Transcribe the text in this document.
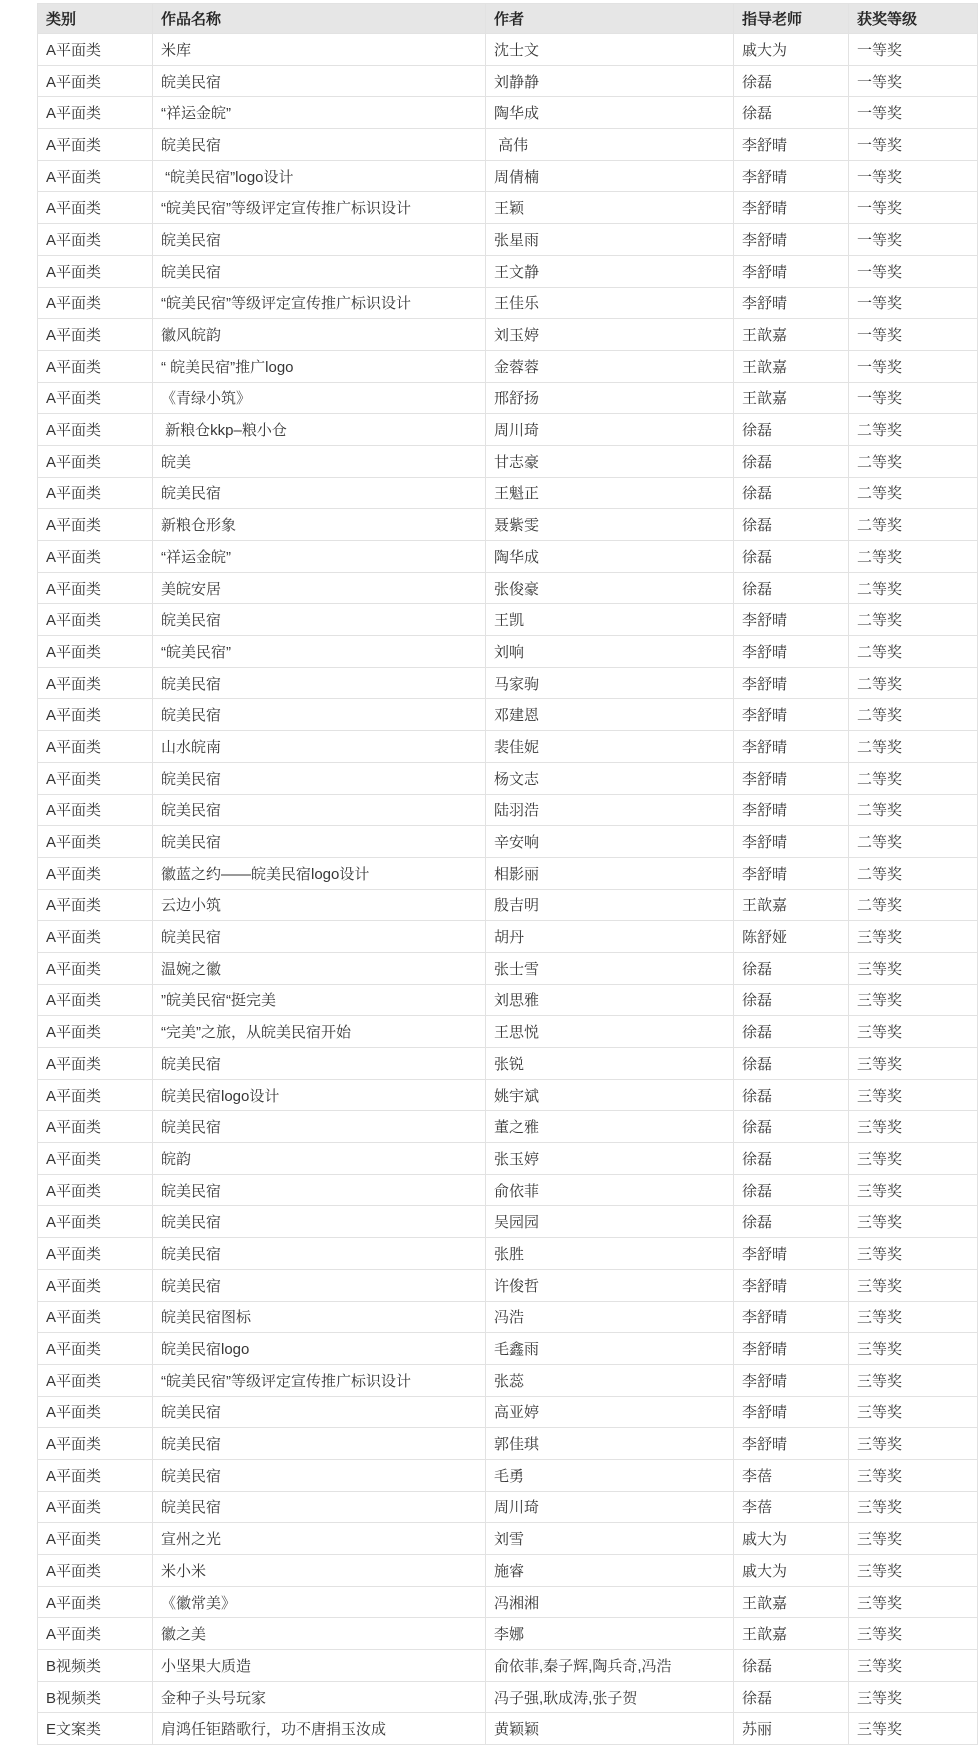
类别	作品名称	作者	指导老师	获奖等级
A平面类	米库	沈士文	戚大为	一等奖
A平面类	皖美民宿	刘静静	徐磊	一等奖
A平面类	“祥运金皖”	陶华成	徐磊	一等奖
A平面类	皖美民宿	高伟	李舒晴	一等奖
A平面类	“皖美民宿”logo设计	周倩楠	李舒晴	一等奖
A平面类	“皖美民宿”等级评定宣传推广标识设计	王颖	李舒晴	一等奖
A平面类	皖美民宿	张星雨	李舒晴	一等奖
A平面类	皖美民宿	王文静	李舒晴	一等奖
A平面类	“皖美民宿”等级评定宣传推广标识设计	王佳乐	李舒晴	一等奖
A平面类	徽风皖韵	刘玉婷	王歆嘉	一等奖
A平面类	“ 皖美民宿”推广logo	金蓉蓉	王歆嘉	一等奖
A平面类	《青绿小筑》	邢舒扬	王歆嘉	一等奖
A平面类	新粮仓kkp–粮小仓	周川琦	徐磊	二等奖
A平面类	皖美	甘志豪	徐磊	二等奖
A平面类	皖美民宿	王魁正	徐磊	二等奖
A平面类	新粮仓形象	聂紫雯	徐磊	二等奖
A平面类	“祥运金皖”	陶华成	徐磊	二等奖
A平面类	美皖安居	张俊豪	徐磊	二等奖
A平面类	皖美民宿	王凯	李舒晴	二等奖
A平面类	“皖美民宿”	刘响	李舒晴	二等奖
A平面类	皖美民宿	马家驹	李舒晴	二等奖
A平面类	皖美民宿	邓建恩	李舒晴	二等奖
A平面类	山水皖南	裴佳妮	李舒晴	二等奖
A平面类	皖美民宿	杨文志	李舒晴	二等奖
A平面类	皖美民宿	陆羽浩	李舒晴	二等奖
A平面类	皖美民宿	辛安响	李舒晴	二等奖
A平面类	徽蓝之约——皖美民宿logo设计	相影丽	李舒晴	二等奖
A平面类	云边小筑	殷吉明	王歆嘉	二等奖
A平面类	皖美民宿	胡丹	陈舒娅	三等奖
A平面类	温婉之徽	张士雪	徐磊	三等奖
A平面类	”皖美民宿“挺完美	刘思雅	徐磊	三等奖
A平面类	“完美”之旅，从皖美民宿开始	王思悦	徐磊	三等奖
A平面类	皖美民宿	张锐	徐磊	三等奖
A平面类	皖美民宿logo设计	姚宇斌	徐磊	三等奖
A平面类	皖美民宿	董之雅	徐磊	三等奖
A平面类	皖韵	张玉婷	徐磊	三等奖
A平面类	皖美民宿	俞依菲	徐磊	三等奖
A平面类	皖美民宿	吴园园	徐磊	三等奖
A平面类	皖美民宿	张胜	李舒晴	三等奖
A平面类	皖美民宿	许俊哲	李舒晴	三等奖
A平面类	皖美民宿图标	冯浩	李舒晴	三等奖
A平面类	皖美民宿logo	毛鑫雨	李舒晴	三等奖
A平面类	“皖美民宿”等级评定宣传推广标识设计	张蕊	李舒晴	三等奖
A平面类	皖美民宿	高亚婷	李舒晴	三等奖
A平面类	皖美民宿	郭佳琪	李舒晴	三等奖
A平面类	皖美民宿	毛勇	李蓓	三等奖
A平面类	皖美民宿	周川琦	李蓓	三等奖
A平面类	宣州之光	刘雪	戚大为	三等奖
A平面类	米小米	施睿	戚大为	三等奖
A平面类	《徽常美》	冯湘湘	王歆嘉	三等奖
A平面类	徽之美	李娜	王歆嘉	三等奖
B视频类	小坚果大质造	俞依菲,秦子辉,陶兵奇,冯浩	徐磊	三等奖
B视频类	金种子头号玩家	冯子强,耿成涛,张子贺	徐磊	三等奖
E文案类	肩鸿任钜踏歌行，功不唐捐玉汝成	黄颖颖	苏丽	三等奖
